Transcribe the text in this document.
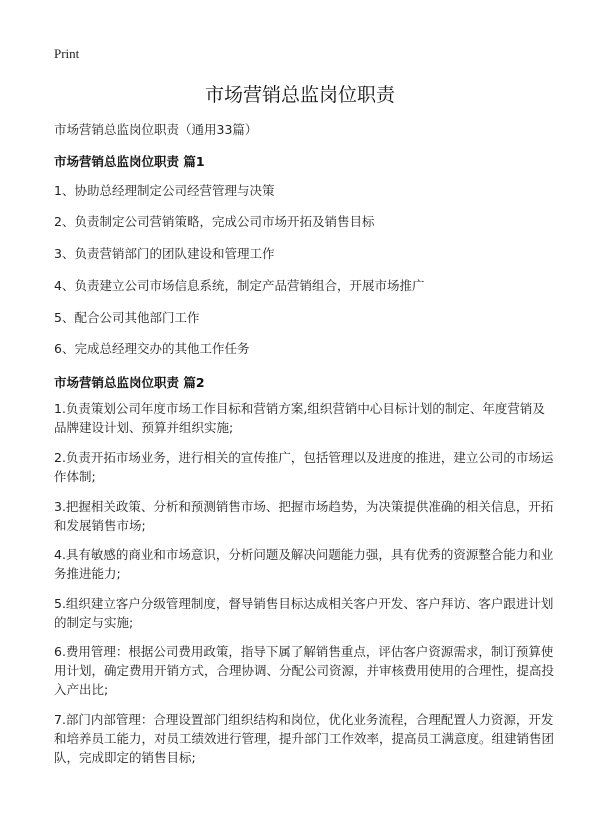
Print
市场营销总监岗位职责
市场营销总监岗位职责（通用33篇）
市场营销总监岗位职责 篇1
1、协助总经理制定公司经营管理与决策
2、负责制定公司营销策略，完成公司市场开拓及销售目标
3、负责营销部门的团队建设和管理工作
4、负责建立公司市场信息系统，制定产品营销组合，开展市场推广
5、配合公司其他部门工作
6、完成总经理交办的其他工作任务
市场营销总监岗位职责 篇2
1.负责策划公司年度市场工作目标和营销方案,组织营销中心目标计划的制定、年度营销及品牌建设计划、预算并组织实施;
2.负责开拓市场业务，进行相关的宣传推广，包括管理以及进度的推进，建立公司的市场运作体制;
3.把握相关政策、分析和预测销售市场、把握市场趋势，为决策提供准确的相关信息，开拓和发展销售市场;
4.具有敏感的商业和市场意识，分析问题及解决问题能力强，具有优秀的资源整合能力和业务推进能力;
5.组织建立客户分级管理制度，督导销售目标达成相关客户开发、客户拜访、客户跟进计划的制定与实施;
6.费用管理：根据公司费用政策，指导下属了解销售重点，评估客户资源需求，制订预算使用计划，确定费用开销方式，合理协调、分配公司资源，并审核费用使用的合理性，提高投入产出比;
7.部门内部管理：合理设置部门组织结构和岗位，优化业务流程，合理配置人力资源，开发和培养员工能力，对员工绩效进行管理，提升部门工作效率，提高员工满意度。组建销售团队，完成即定的销售目标;
